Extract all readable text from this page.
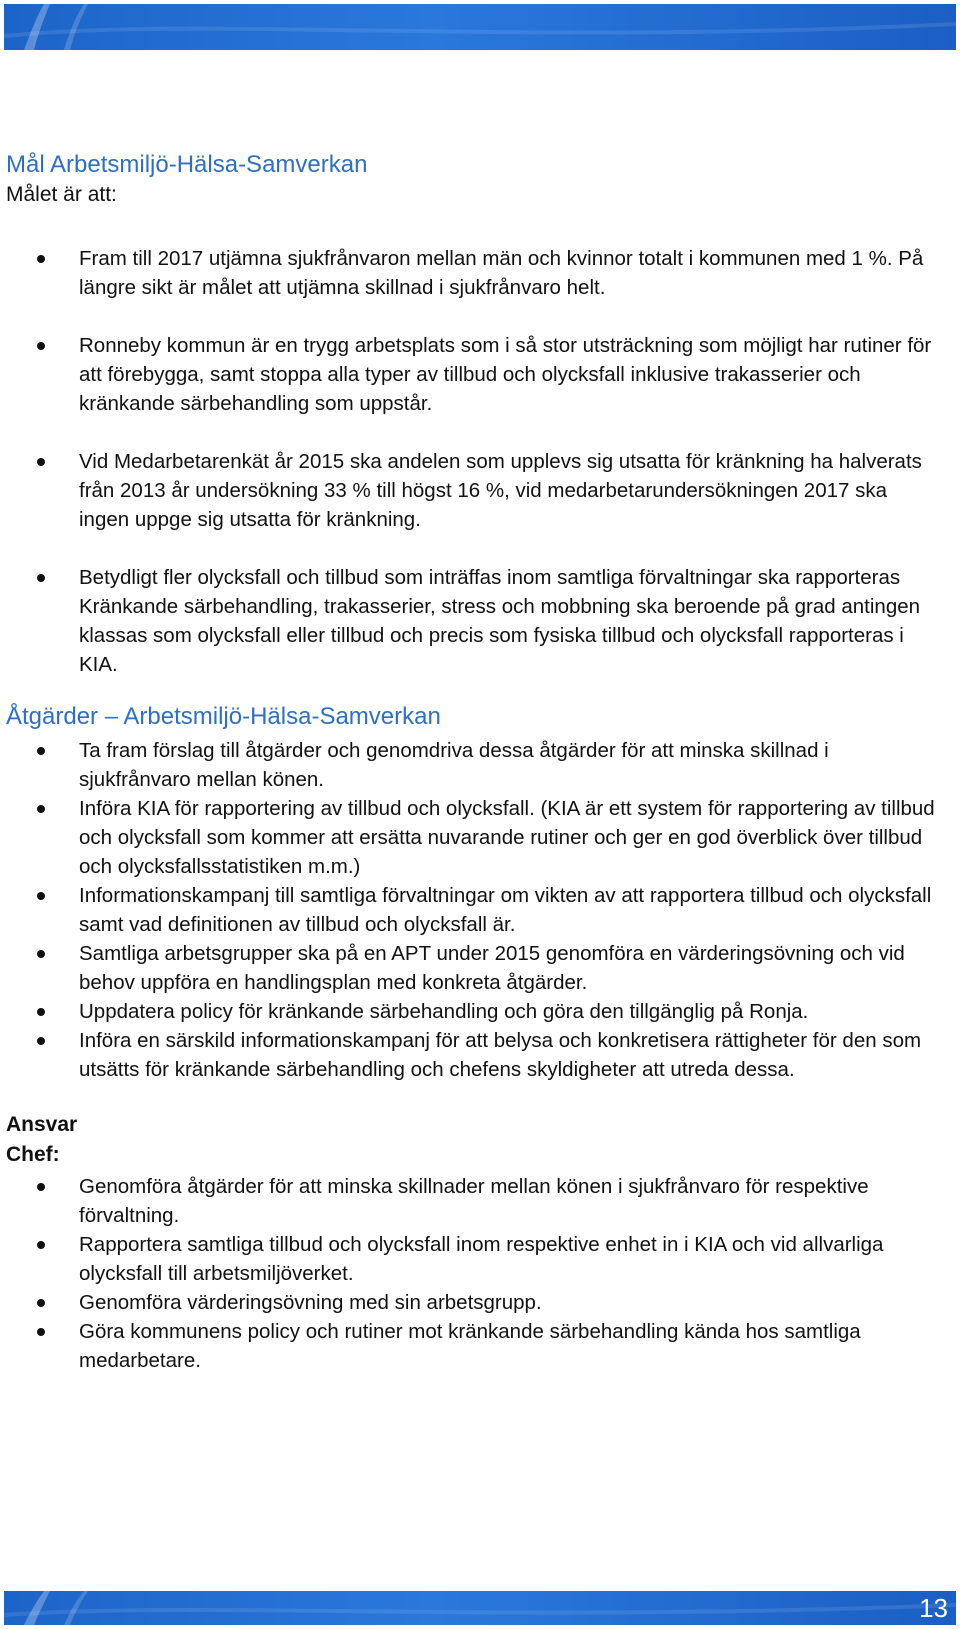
Mål Arbetsmiljö-Hälsa-Samverkan

Målet är att:

Fram till 2017 utjämna sjukfrånvaron mellan män och kvinnor totalt i kommunen med 1 %. På längre sikt är målet att utjämna skillnad i sjukfrånvaro helt.
Ronneby kommun är en trygg arbetsplats som i så stor utsträckning som möjligt har rutiner för att förebygga, samt stoppa alla typer av tillbud och olycksfall inklusive trakasserier och kränkande särbehandling som uppstår.
Vid Medarbetarenkät år 2015 ska andelen som upplevs sig utsatta för kränkning ha halverats från 2013 år undersökning 33 % till högst 16 %, vid medarbetarundersökningen 2017 ska ingen uppge sig utsatta för kränkning.
Betydligt fler olycksfall och tillbud som inträffas inom samtliga förvaltningar ska rapporteras Kränkande särbehandling, trakasserier, stress och mobbning ska beroende på grad antingen klassas som olycksfall eller tillbud och precis som fysiska tillbud och olycksfall rapporteras i KIA.
Åtgärder – Arbetsmiljö-Hälsa-Samverkan
Ta fram förslag till åtgärder och genomdriva dessa åtgärder för att minska skillnad i sjukfrånvaro mellan könen.
Införa KIA för rapportering av tillbud och olycksfall. (KIA är ett system för rapportering av tillbud och olycksfall som kommer att ersätta nuvarande rutiner och ger en god överblick över tillbud och olycksfallsstatistiken m.m.)
Informationskampanj till samtliga förvaltningar om vikten av att rapportera tillbud och olycksfall samt vad definitionen av tillbud och olycksfall är.
Samtliga arbetsgrupper ska på en APT under 2015 genomföra en värderingsövning och vid behov uppföra en handlingsplan med konkreta åtgärder.
Uppdatera policy för kränkande särbehandling och göra den tillgänglig på Ronja.
Införa en särskild informationskampanj för att belysa och konkretisera rättigheter för den som utsätts för kränkande särbehandling och chefens skyldigheter att utreda dessa.

Ansvar

Chef:

Genomföra åtgärder för att minska skillnader mellan könen i sjukfrånvaro för respektive förvaltning.
Rapportera samtliga tillbud och olycksfall inom respektive enhet in i KIA och vid allvarliga olycksfall till arbetsmiljöverket.
Genomföra värderingsövning med sin arbetsgrupp.
Göra kommunens policy och rutiner mot kränkande särbehandling kända hos samtliga medarbetare.
13
